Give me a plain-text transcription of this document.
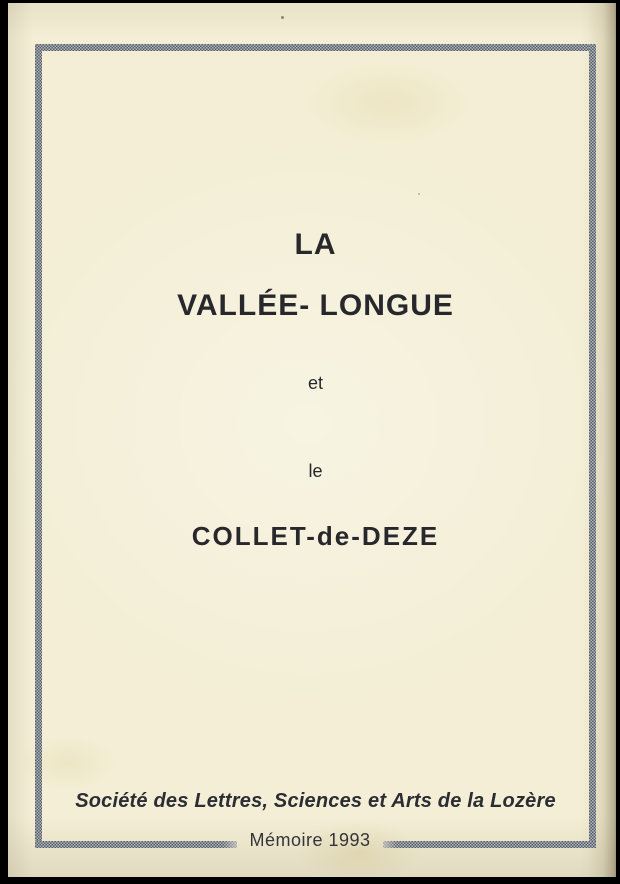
LA
VALLÉE- LONGUE
et
le
COLLET-de-DEZE
Société des Lettres, Sciences et Arts de la Lozère
Mémoire 1993
